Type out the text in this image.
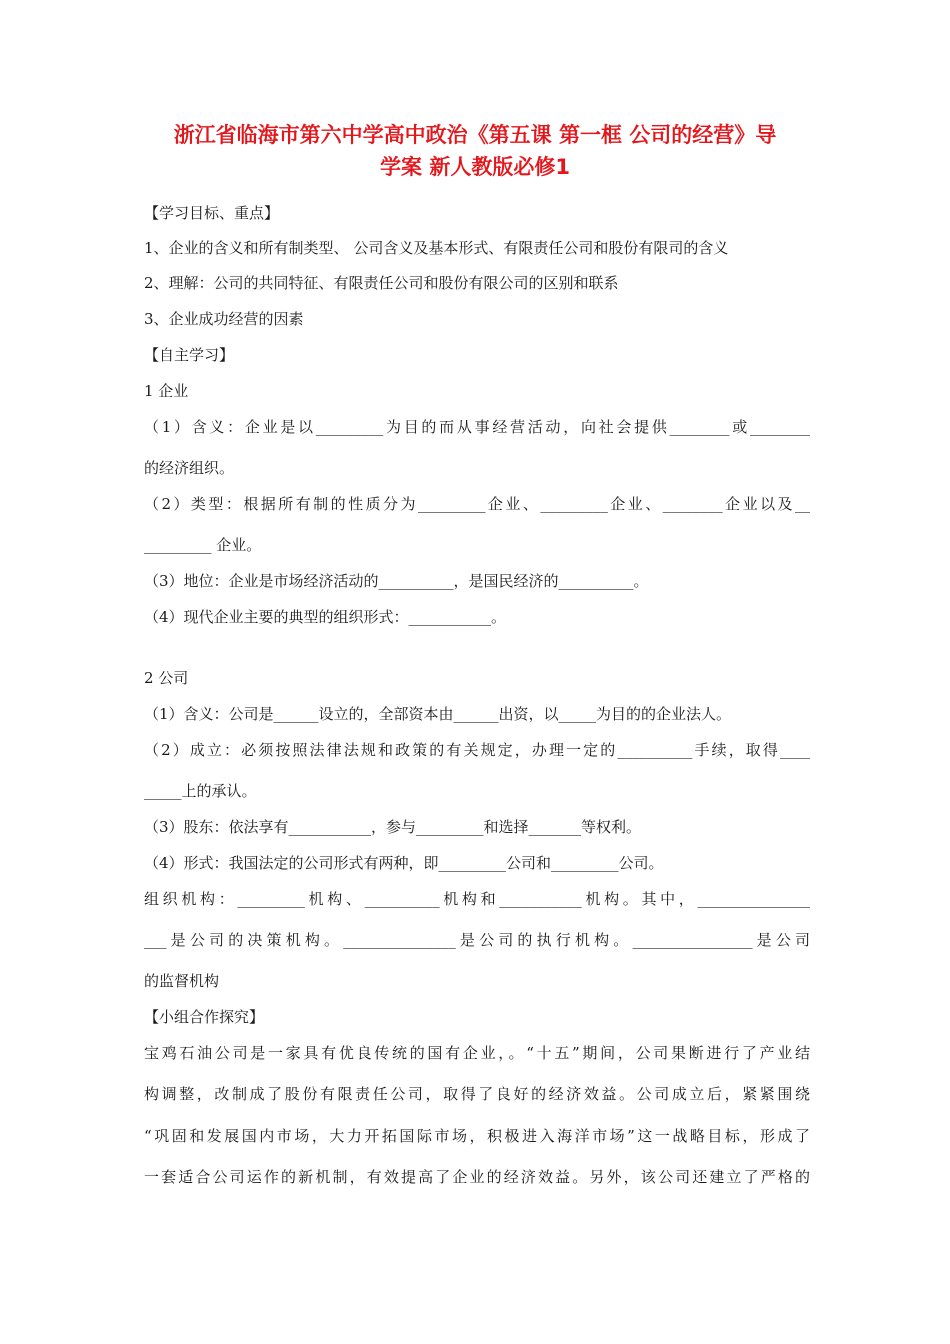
浙江省临海市第六中学高中政治《第五课 第一框 公司的经营》导
学案 新人教版必修1
【学习目标、重点】
1、企业的含义和所有制类型、 公司含义及基本形式、有限责任公司和股份有限司的含义
2、理解：公司的共同特征、有限责任公司和股份有限公司的区别和联系
3、企业成功经营的因素
【自主学习】
1 企业
（1）含义：企业是以_________为目的而从事经营活动，向社会提供________或________
的经济组织。
（2）类型：根据所有制的性质分为_________企业、_________企业、________企业以及__
_________ 企业。
（3）地位：企业是市场经济活动的__________，是国民经济的__________。
（4）现代企业主要的典型的组织形式：___________。
2 公司
（1）含义：公司是______设立的，全部资本由______出资，以_____为目的的企业法人。
（2）成立：必须按照法律法规和政策的有关规定，办理一定的__________手续，取得____
_____上的承认。
（3）股东：依法享有___________，参与_________和选择_______等权利。
（4）形式：我国法定的公司形式有两种，即_________公司和_________公司。
组织机构：_________机构、__________机构和___________机构。其中，_______________
___是公司的决策机构。_______________是公司的执行机构。________________是公司
的监督机构
【小组合作探究】
宝鸡石油公司是一家具有优良传统的国有企业，。“十五”期间，公司果断进行了产业结
构调整，改制成了股份有限责任公司，取得了良好的经济效益。公司成立后，紧紧围绕
“巩固和发展国内市场，大力开拓国际市场，积极进入海洋市场”这一战略目标，形成了
一套适合公司运作的新机制，有效提高了企业的经济效益。另外，该公司还建立了严格的
